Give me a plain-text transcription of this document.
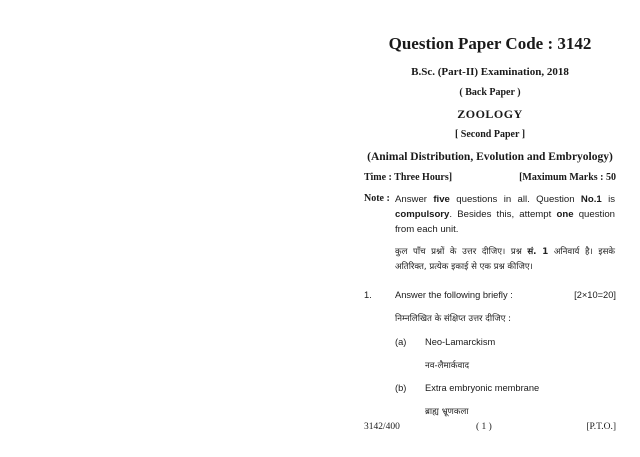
Question Paper Code : 3142
B.Sc. (Part-II) Examination, 2018
( Back Paper )
ZOOLOGY
[ Second Paper ]
(Animal Distribution, Evolution and Embryology)
Time : Three Hours]	[Maximum Marks : 50
Note : Answer five questions in all. Question No.1 is compulsory. Besides this, attempt one question from each unit.
कुल पाँच प्रश्नों के उत्तर दीजिए। प्रश्न सं. 1 अनिवार्य है। इसके अतिरिक्त, प्रत्येक इकाई से एक प्रश्न कीजिए।
1. Answer the following briefly :	[2×10=20]
निम्नलिखित के संक्षिप्त उत्तर दीजिए :
(a) Neo-Lamarckism
नव-लैमार्कवाद
(b) Extra embryonic membrane
ब्राह्य भ्रूणकला
3142/400	( 1 )	[P.T.O.]
